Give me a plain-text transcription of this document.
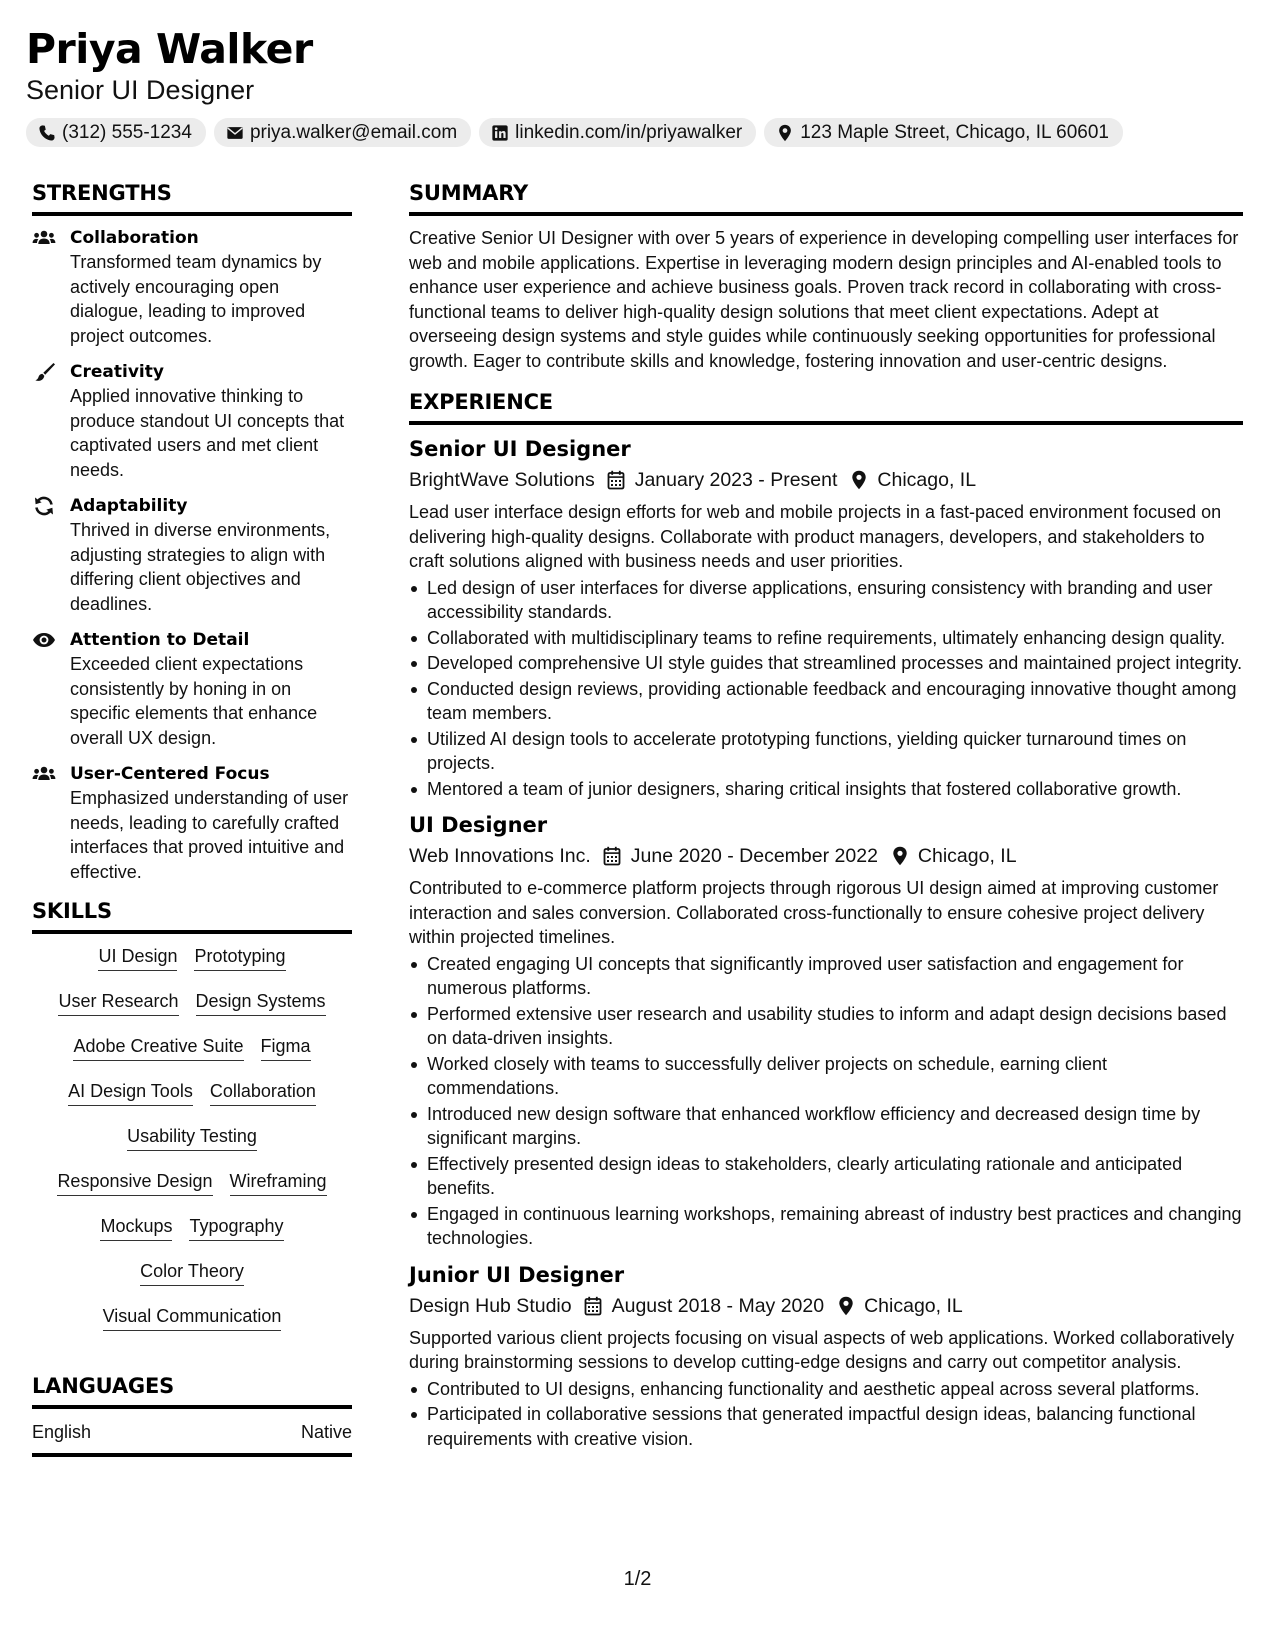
Priya Walker
Senior UI Designer
(312) 555-1234	priya.walker@email.com	linkedin.com/in/priyawalker	123 Maple Street, Chicago, IL 60601
STRENGTHS
Collaboration
Transformed team dynamics by actively encouraging open dialogue, leading to improved project outcomes.
Creativity
Applied innovative thinking to produce standout UI concepts that captivated users and met client needs.
Adaptability
Thrived in diverse environments, adjusting strategies to align with differing client objectives and deadlines.
Attention to Detail
Exceeded client expectations consistently by honing in on specific elements that enhance overall UX design.
User-Centered Focus
Emphasized understanding of user needs, leading to carefully crafted interfaces that proved intuitive and effective.
SKILLS
UI Design Prototyping
User Research Design Systems
Adobe Creative Suite Figma
AI Design Tools Collaboration
Usability Testing
Responsive Design Wireframing
Mockups Typography
Color Theory
Visual Communication
LANGUAGES
English	Native
SUMMARY
Creative Senior UI Designer with over 5 years of experience in developing compelling user interfaces for web and mobile applications. Expertise in leveraging modern design principles and AI-enabled tools to enhance user experience and achieve business goals. Proven track record in collaborating with cross-functional teams to deliver high-quality design solutions that meet client expectations. Adept at overseeing design systems and style guides while continuously seeking opportunities for professional growth. Eager to contribute skills and knowledge, fostering innovation and user-centric designs.
EXPERIENCE
Senior UI Designer
BrightWave Solutions January 2023 - Present Chicago, IL
Lead user interface design efforts for web and mobile projects in a fast-paced environment focused on delivering high-quality designs. Collaborate with product managers, developers, and stakeholders to craft solutions aligned with business needs and user priorities.
Led design of user interfaces for diverse applications, ensuring consistency with branding and user accessibility standards.
Collaborated with multidisciplinary teams to refine requirements, ultimately enhancing design quality.
Developed comprehensive UI style guides that streamlined processes and maintained project integrity.
Conducted design reviews, providing actionable feedback and encouraging innovative thought among team members.
Utilized AI design tools to accelerate prototyping functions, yielding quicker turnaround times on projects.
Mentored a team of junior designers, sharing critical insights that fostered collaborative growth.
UI Designer
Web Innovations Inc. June 2020 - December 2022 Chicago, IL
Contributed to e-commerce platform projects through rigorous UI design aimed at improving customer interaction and sales conversion. Collaborated cross-functionally to ensure cohesive project delivery within projected timelines.
Created engaging UI concepts that significantly improved user satisfaction and engagement for numerous platforms.
Performed extensive user research and usability studies to inform and adapt design decisions based on data-driven insights.
Worked closely with teams to successfully deliver projects on schedule, earning client commendations.
Introduced new design software that enhanced workflow efficiency and decreased design time by significant margins.
Effectively presented design ideas to stakeholders, clearly articulating rationale and anticipated benefits.
Engaged in continuous learning workshops, remaining abreast of industry best practices and changing technologies.
Junior UI Designer
Design Hub Studio August 2018 - May 2020 Chicago, IL
Supported various client projects focusing on visual aspects of web applications. Worked collaboratively during brainstorming sessions to develop cutting-edge designs and carry out competitor analysis.
Contributed to UI designs, enhancing functionality and aesthetic appeal across several platforms.
Participated in collaborative sessions that generated impactful design ideas, balancing functional requirements with creative vision.
1/2
